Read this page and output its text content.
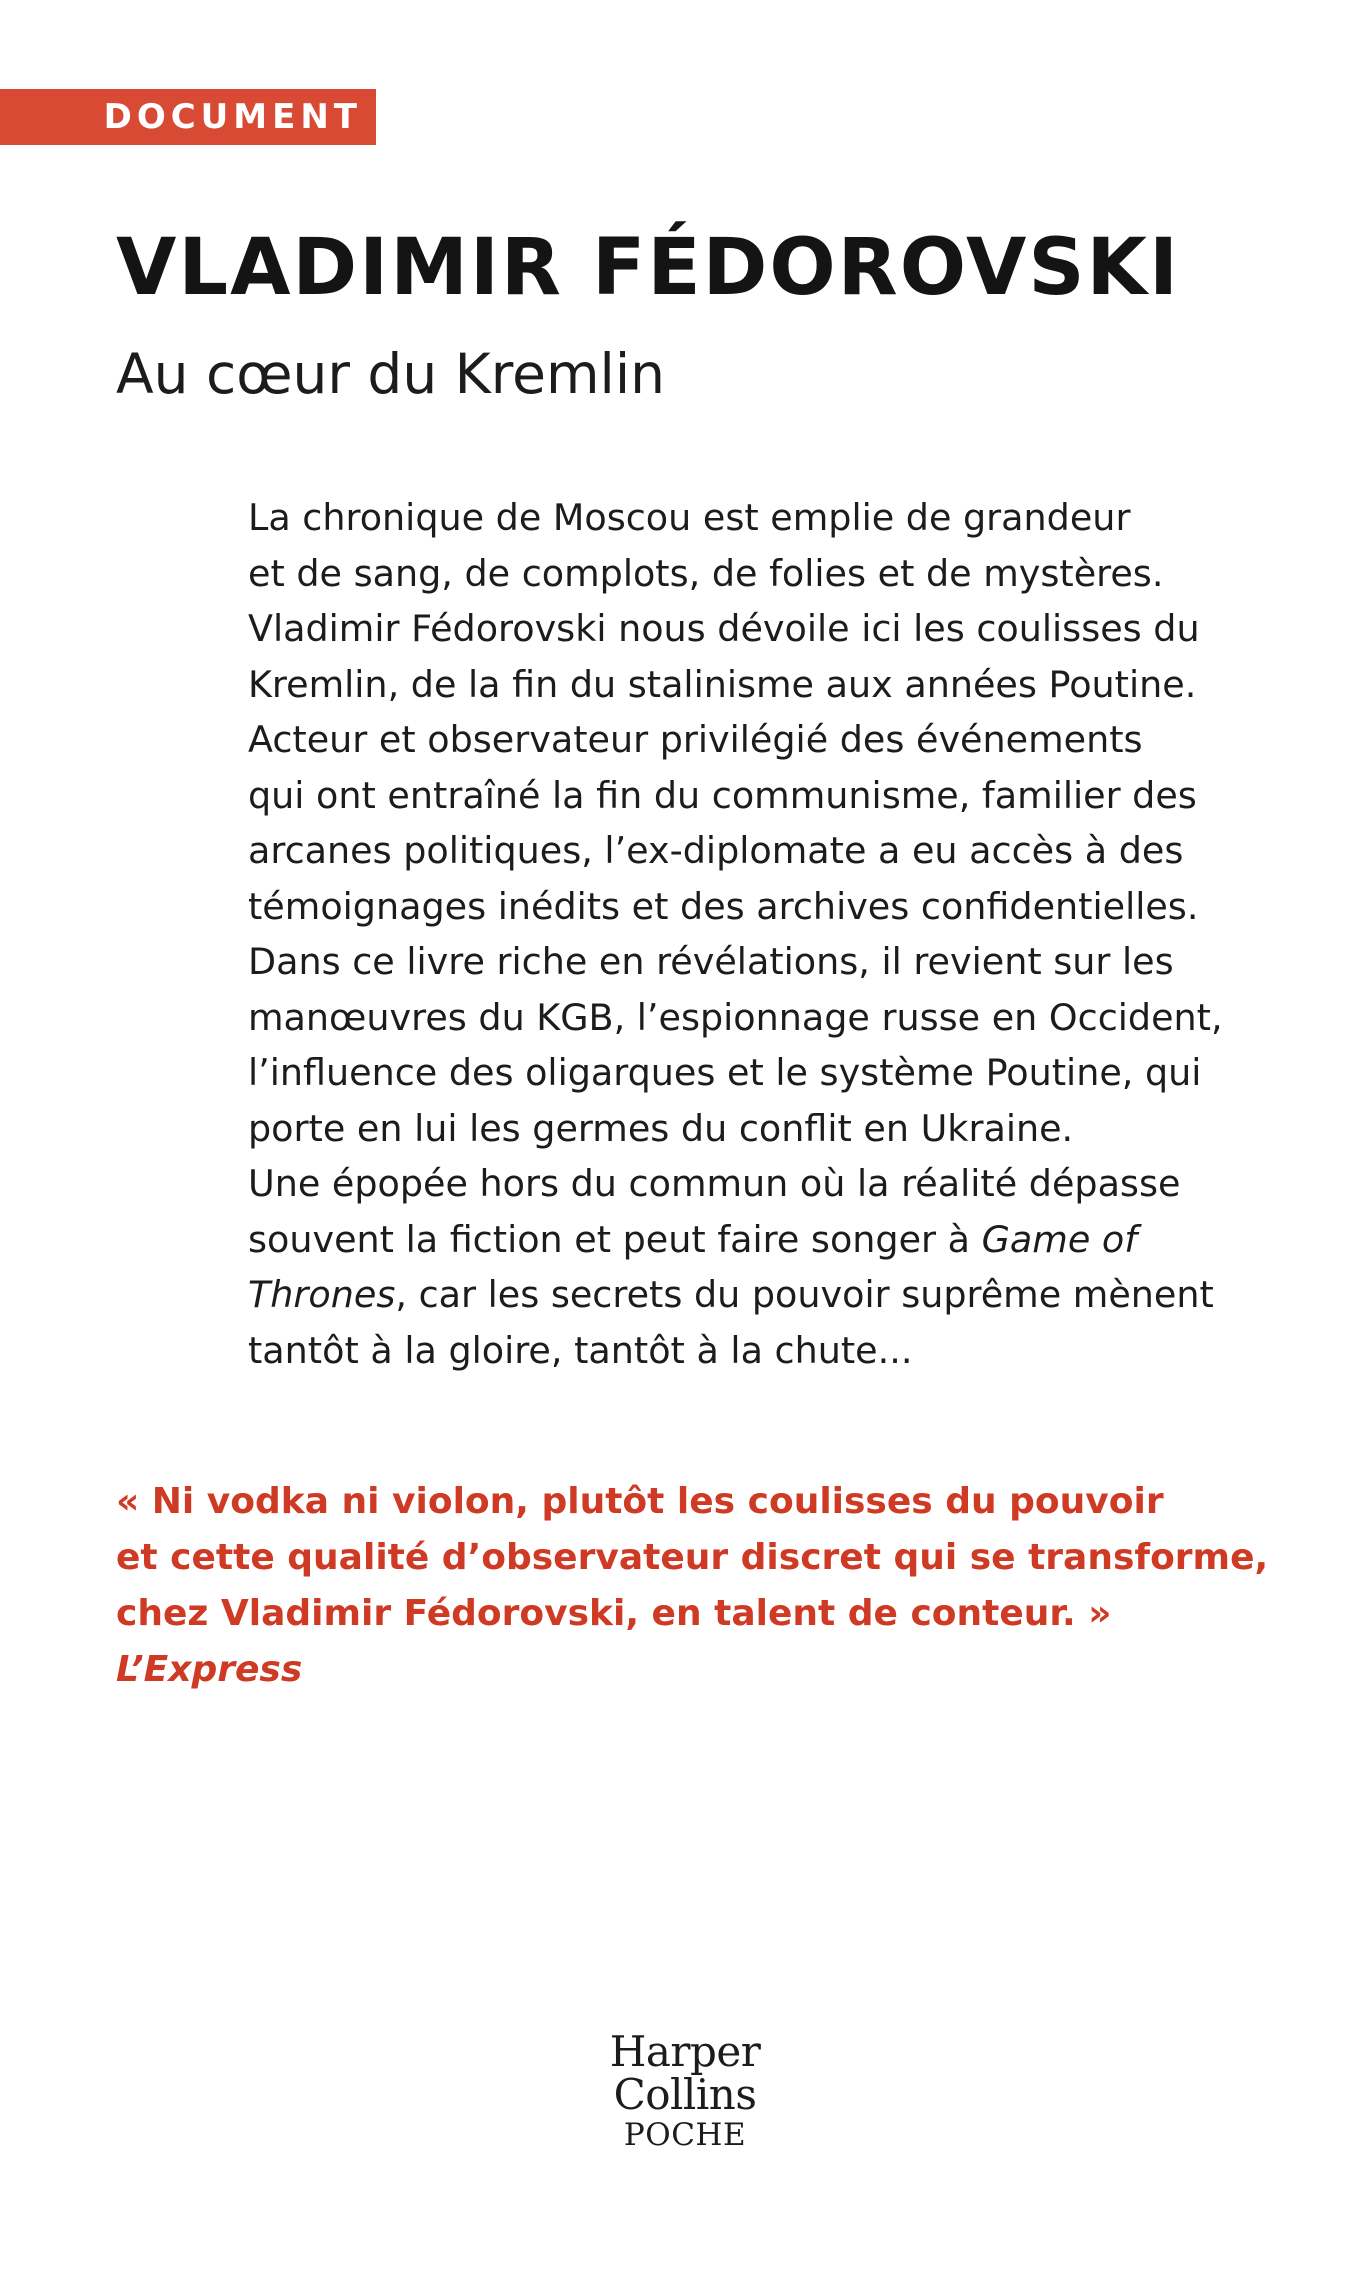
DOCUMENT
VLADIMIR FÉDOROVSKI
Au cœur du Kremlin
La chronique de Moscou est emplie de grandeur
et de sang, de complots, de folies et de mystères.
Vladimir Fédorovski nous dévoile ici les coulisses du
Kremlin, de la fin du stalinisme aux années Poutine.
Acteur et observateur privilégié des événements
qui ont entraîné la fin du communisme, familier des
arcanes politiques, l’ex-diplomate a eu accès à des
témoignages inédits et des archives confidentielles.
Dans ce livre riche en révélations, il revient sur les
manœuvres du KGB, l’espionnage russe en Occident,
l’influence des oligarques et le système Poutine, qui
porte en lui les germes du conflit en Ukraine.
Une épopée hors du commun où la réalité dépasse
souvent la fiction et peut faire songer à Game of
Thrones, car les secrets du pouvoir suprême mènent
tantôt à la gloire, tantôt à la chute...
« Ni vodka ni violon, plutôt les coulisses du pouvoir
et cette qualité d’observateur discret qui se transforme,
chez Vladimir Fédorovski, en talent de conteur. »
L’Express
Harper
Collins
POCHE
